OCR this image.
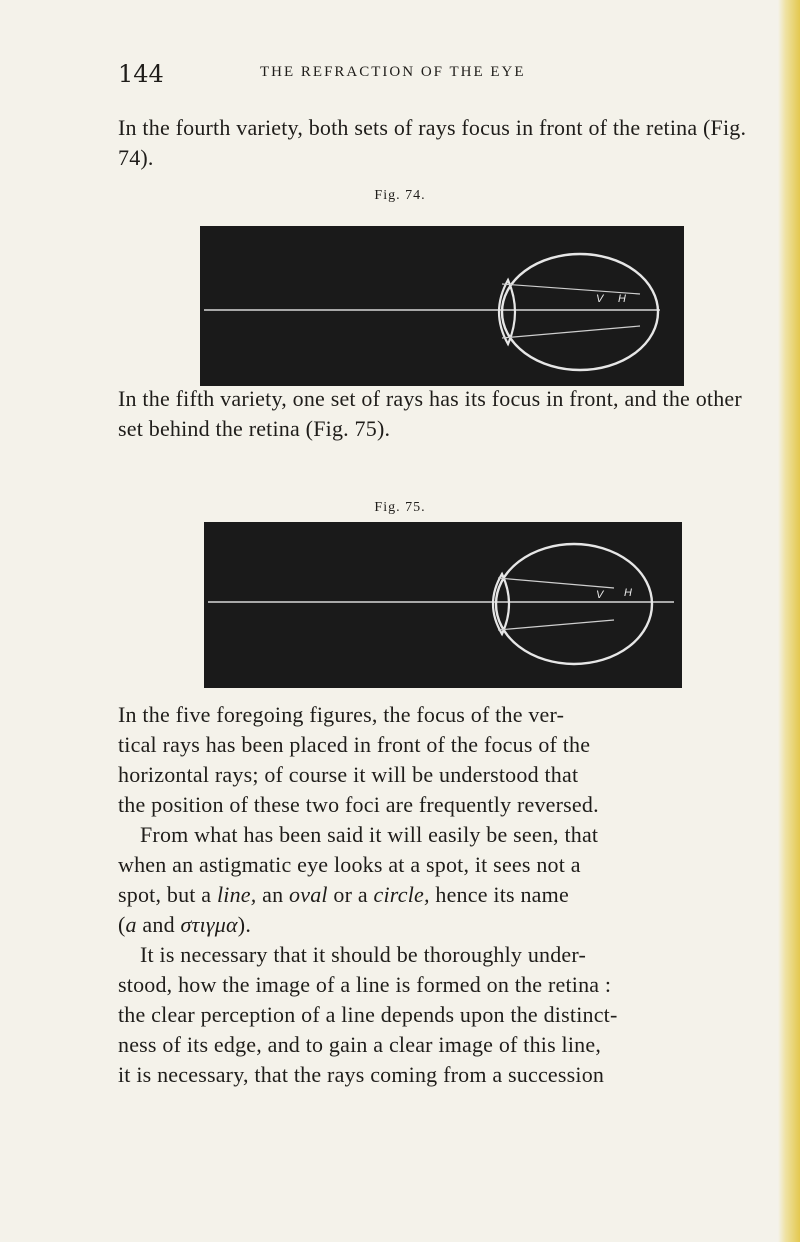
144	THE REFRACTION OF THE EYE
In the fourth variety, both sets of rays focus in front of the retina (Fig. 74).
Fig. 74.
V H
In the fifth variety, one set of rays has its focus in front, and the other set behind the retina (Fig. 75).
Fig. 75.
V H
In the five foregoing figures, the focus of the ver-
tical rays has been placed in front of the focus of the
horizontal rays; of course it will be understood that
the position of these two foci are frequently reversed.
From what has been said it will easily be seen, that
when an astigmatic eye looks at a spot, it sees not a
spot, but a line, an oval or a circle, hence its name
(a and στιγμα).
It is necessary that it should be thoroughly under-
stood, how the image of a line is formed on the retina :
the clear perception of a line depends upon the distinct-
ness of its edge, and to gain a clear image of this line,
it is necessary, that the rays coming from a succession
